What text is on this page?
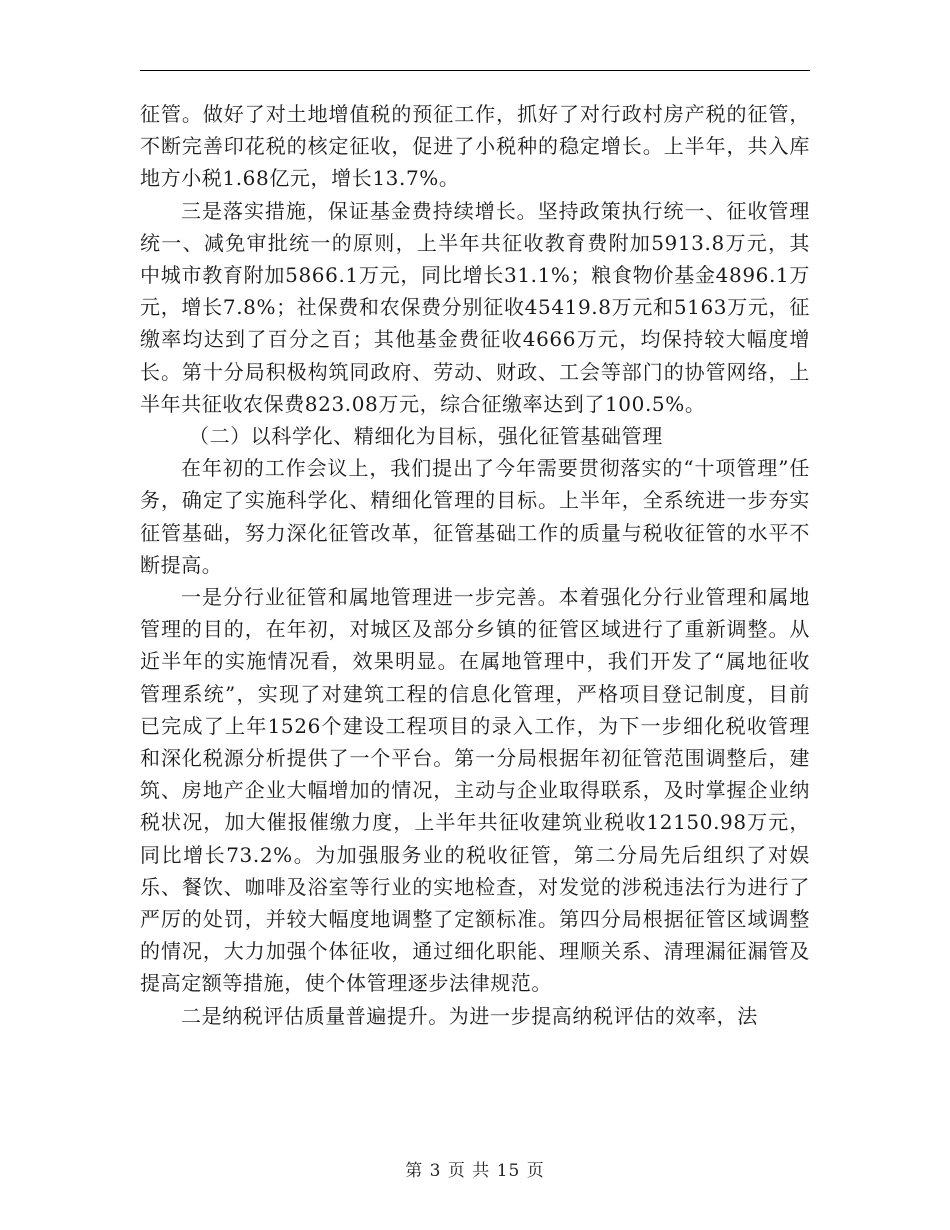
征管。做好了对土地增值税的预征工作，抓好了对行政村房产税的征管，不断完善印花税的核定征收，促进了小税种的稳定增长。上半年，共入库地方小税1.68亿元，增长13.7%。

三是落实措施，保证基金费持续增长。坚持政策执行统一、征收管理统一、减免审批统一的原则，上半年共征收教育费附加5913.8万元，其中城市教育附加5866.1万元，同比增长31.1%；粮食物价基金4896.1万元，增长7.8%；社保费和农保费分别征收45419.8万元和5163万元，征缴率均达到了百分之百；其他基金费征收4666万元，均保持较大幅度增长。第十分局积极构筑同政府、劳动、财政、工会等部门的协管网络，上半年共征收农保费823.08万元，综合征缴率达到了100.5%。

（二）以科学化、精细化为目标，强化征管基础管理

在年初的工作会议上，我们提出了今年需要贯彻落实的“十项管理”任务，确定了实施科学化、精细化管理的目标。上半年，全系统进一步夯实征管基础，努力深化征管改革，征管基础工作的质量与税收征管的水平不断提高。

一是分行业征管和属地管理进一步完善。本着强化分行业管理和属地管理的目的，在年初，对城区及部分乡镇的征管区域进行了重新调整。从近半年的实施情况看，效果明显。在属地管理中，我们开发了“属地征收管理系统”，实现了对建筑工程的信息化管理，严格项目登记制度，目前已完成了上年1526个建设工程项目的录入工作，为下一步细化税收管理和深化税源分析提供了一个平台。第一分局根据年初征管范围调整后，建筑、房地产企业大幅增加的情况，主动与企业取得联系，及时掌握企业纳税状况，加大催报催缴力度，上半年共征收建筑业税收12150.98万元，同比增长73.2%。为加强服务业的税收征管，第二分局先后组织了对娱乐、餐饮、咖啡及浴室等行业的实地检查，对发觉的涉税违法行为进行了严厉的处罚，并较大幅度地调整了定额标准。第四分局根据征管区域调整的情况，大力加强个体征收，通过细化职能、理顺关系、清理漏征漏管及提高定额等措施，使个体管理逐步法律规范。

二是纳税评估质量普遍提升。为进一步提高纳税评估的效率，法

第 3 页 共 15 页
